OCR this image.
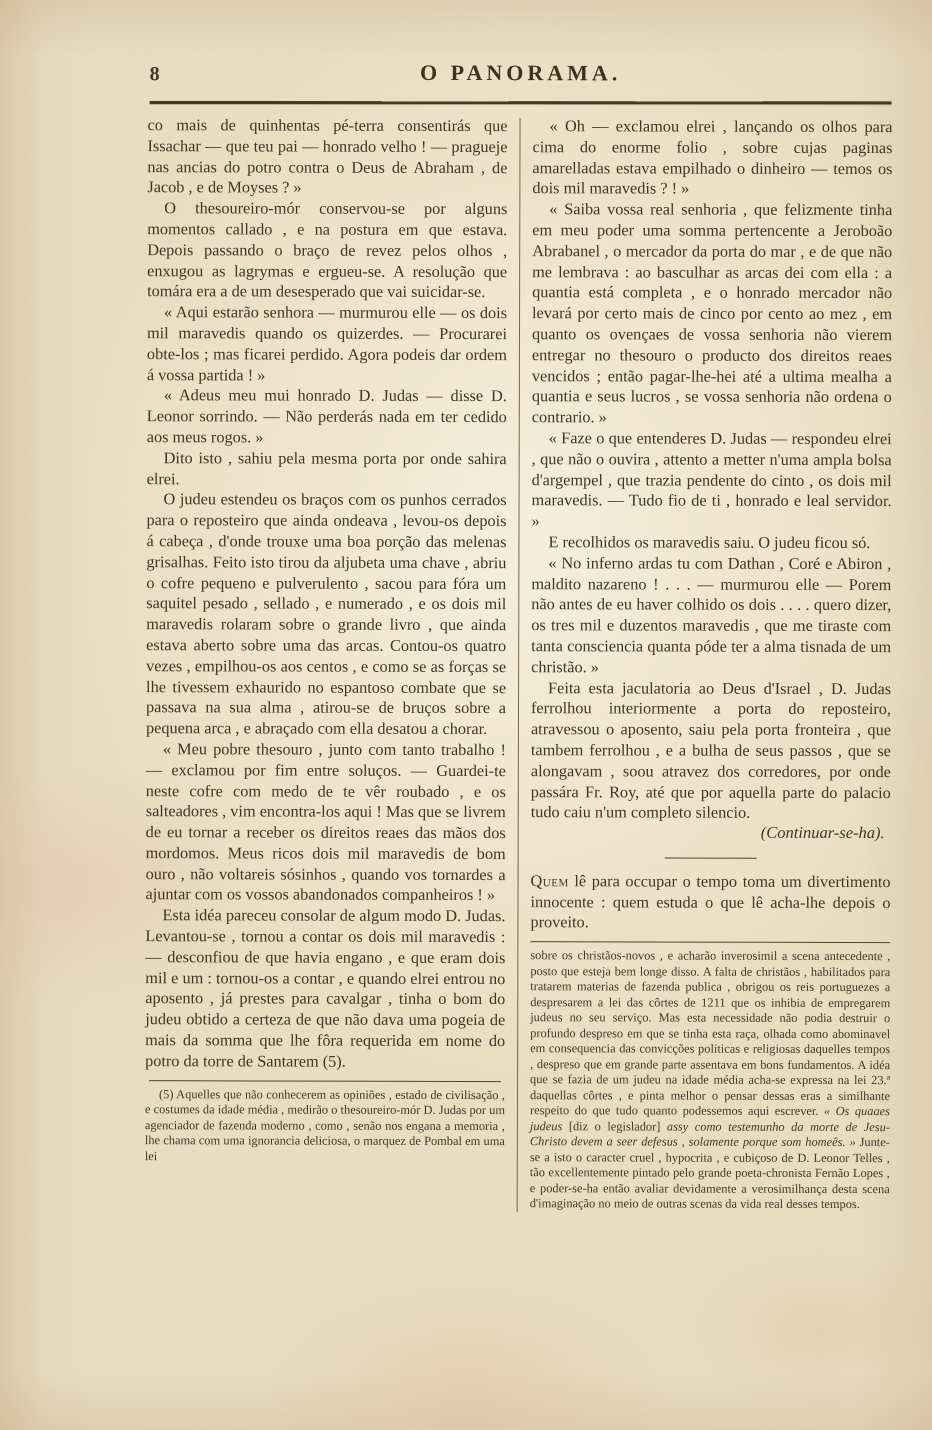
8	O PANORAMA.

co mais de quinhentas pé-terra consentirás que Issachar — que teu pai — honrado velho ! — pragueje nas ancias do potro contra o Deus de Abraham , de Jacob , e de Moyses ? »

O thesoureiro-mór conservou-se por alguns momentos callado , e na postura em que estava. Depois passando o braço de revez pelos olhos , enxugou as lagrymas e ergueu-se. A resolução que tomára era a de um desesperado que vai suicidar-se.

« Aqui estarão senhora — murmurou elle — os dois mil maravedis quando os quizerdes. — Procurarei obte-los ; mas ficarei perdido. Agora podeis dar ordem á vossa partida ! »

« Adeus meu mui honrado D. Judas — disse D. Leonor sorrindo. — Não perderás nada em ter cedido aos meus rogos. »

Dito isto , sahiu pela mesma porta por onde sahira elrei.

O judeu estendeu os braços com os punhos cerrados para o reposteiro que ainda ondeava , levou-os depois á cabeça , d'onde trouxe uma boa porção das melenas grisalhas. Feito isto tirou da aljubeta uma chave , abriu o cofre pequeno e pulverulento , sacou para fóra um saquitel pesado , sellado , e numerado , e os dois mil maravedis rolaram sobre o grande livro , que ainda estava aberto sobre uma das arcas. Contou-os quatro vezes , empilhou-os aos centos , e como se as forças se lhe tivessem exhaurido no espantoso combate que se passava na sua alma , atirou-se de bruços sobre a pequena arca , e abraçado com ella desatou a chorar.

« Meu pobre thesouro , junto com tanto trabalho ! — exclamou por fim entre soluços. — Guardei-te neste cofre com medo de te vêr roubado , e os salteadores , vim encontra-los aqui ! Mas que se livrem de eu tornar a receber os direitos reaes das mãos dos mordomos. Meus ricos dois mil maravedis de bom ouro , não voltareis sósinhos , quando vos tornardes a ajuntar com os vossos abandonados companheiros ! »

Esta idéa pareceu consolar de algum modo D. Judas. Levantou-se , tornou a contar os dois mil maravedis : — desconfiou de que havia engano , e que eram dois mil e um : tornou-os a contar , e quando elrei entrou no aposento , já prestes para cavalgar , tinha o bom do judeu obtido a certeza de que não dava uma pogeia de mais da somma que lhe fôra requerida em nome do potro da torre de Santarem (5).

(5) Aquelles que não conhecerem as opiniões , estado de civilisação , e costumes da idade média , medirão o thesoureiro-mór D. Judas por um agenciador de fazenda moderno , como , senão nos engana a memoria , lhe chama com uma ignorancia deliciosa, o marquez de Pombal em uma lei

« Oh — exclamou elrei , lançando os olhos para cima do enorme folio , sobre cujas paginas amarelladas estava empilhado o dinheiro — temos os dois mil maravedis ? ! »

« Saiba vossa real senhoria , que felizmente tinha em meu poder uma somma pertencente a Jeroboão Abrabanel , o mercador da porta do mar , e de que não me lembrava : ao basculhar as arcas dei com ella : a quantia está completa , e o honrado mercador não levará por certo mais de cinco por cento ao mez , em quanto os ovençaes de vossa senhoria não vierem entregar no thesouro o producto dos direitos reaes vencidos ; então pagar-lhe-hei até a ultima mealha a quantia e seus lucros , se vossa senhoria não ordena o contrario. »

« Faze o que entenderes D. Judas — respondeu elrei , que não o ouvira , attento a metter n'uma ampla bolsa d'argempel , que trazia pendente do cinto , os dois mil maravedis. — Tudo fio de ti , honrado e leal servidor. »

E recolhidos os maravedis saiu. O judeu ficou só.

« No inferno ardas tu com Dathan , Coré e Abiron , maldito nazareno ! . . . — murmurou elle — Porem não antes de eu haver colhido os dois . . . . quero dizer, os tres mil e duzentos maravedis , que me tiraste com tanta consciencia quanta póde ter a alma tisnada de um christão. »

Feita esta jaculatoria ao Deus d'Israel , D. Judas ferrolhou interiormente a porta do reposteiro, atravessou o aposento, saiu pela porta fronteira , que tambem ferrolhou , e a bulha de seus passos , que se alongavam , soou atravez dos corredores, por onde passára Fr. Roy, até que por aquella parte do palacio tudo caiu n'um completo silencio.

(Continuar-se-ha).

Quem lê para occupar o tempo toma um divertimento innocente : quem estuda o que lê acha-lhe depois o proveito.

sobre os christãos-novos , e acharão inverosimil a scena antecedente , posto que esteja bem longe disso. A falta de christãos , habilitados para tratarem materias de fazenda publica , obrigou os reis portuguezes a despresarem a lei das côrtes de 1211 que os inhibia de empregarem judeus no seu serviço. Mas esta necessidade não podia destruir o profundo despreso em que se tinha esta raça, olhada como abominavel em consequencia das convicções politicas e religiosas daquelles tempos , despreso que em grande parte assentava em bons fundamentos. A idéa que se fazia de um judeu na idade média acha-se expressa na lei 23.ª daquellas côrtes , e pinta melhor o pensar dessas eras a similhante respeito do que tudo quanto podessemos aqui escrever. « Os quaaes judeus [diz o legislador] assy como testemunho da morte de Jesu-Christo devem a seer defesus , solamente porque som homeês. » Junte-se a isto o caracter cruel , hypocrita , e cubiçoso de D. Leonor Telles , tão excellentemente pintado pelo grande poeta-chronista Fernão Lopes , e poder-se-ha então avaliar devidamente a verosimilhança desta scena d'imaginação no meio de outras scenas da vida real desses tempos.
